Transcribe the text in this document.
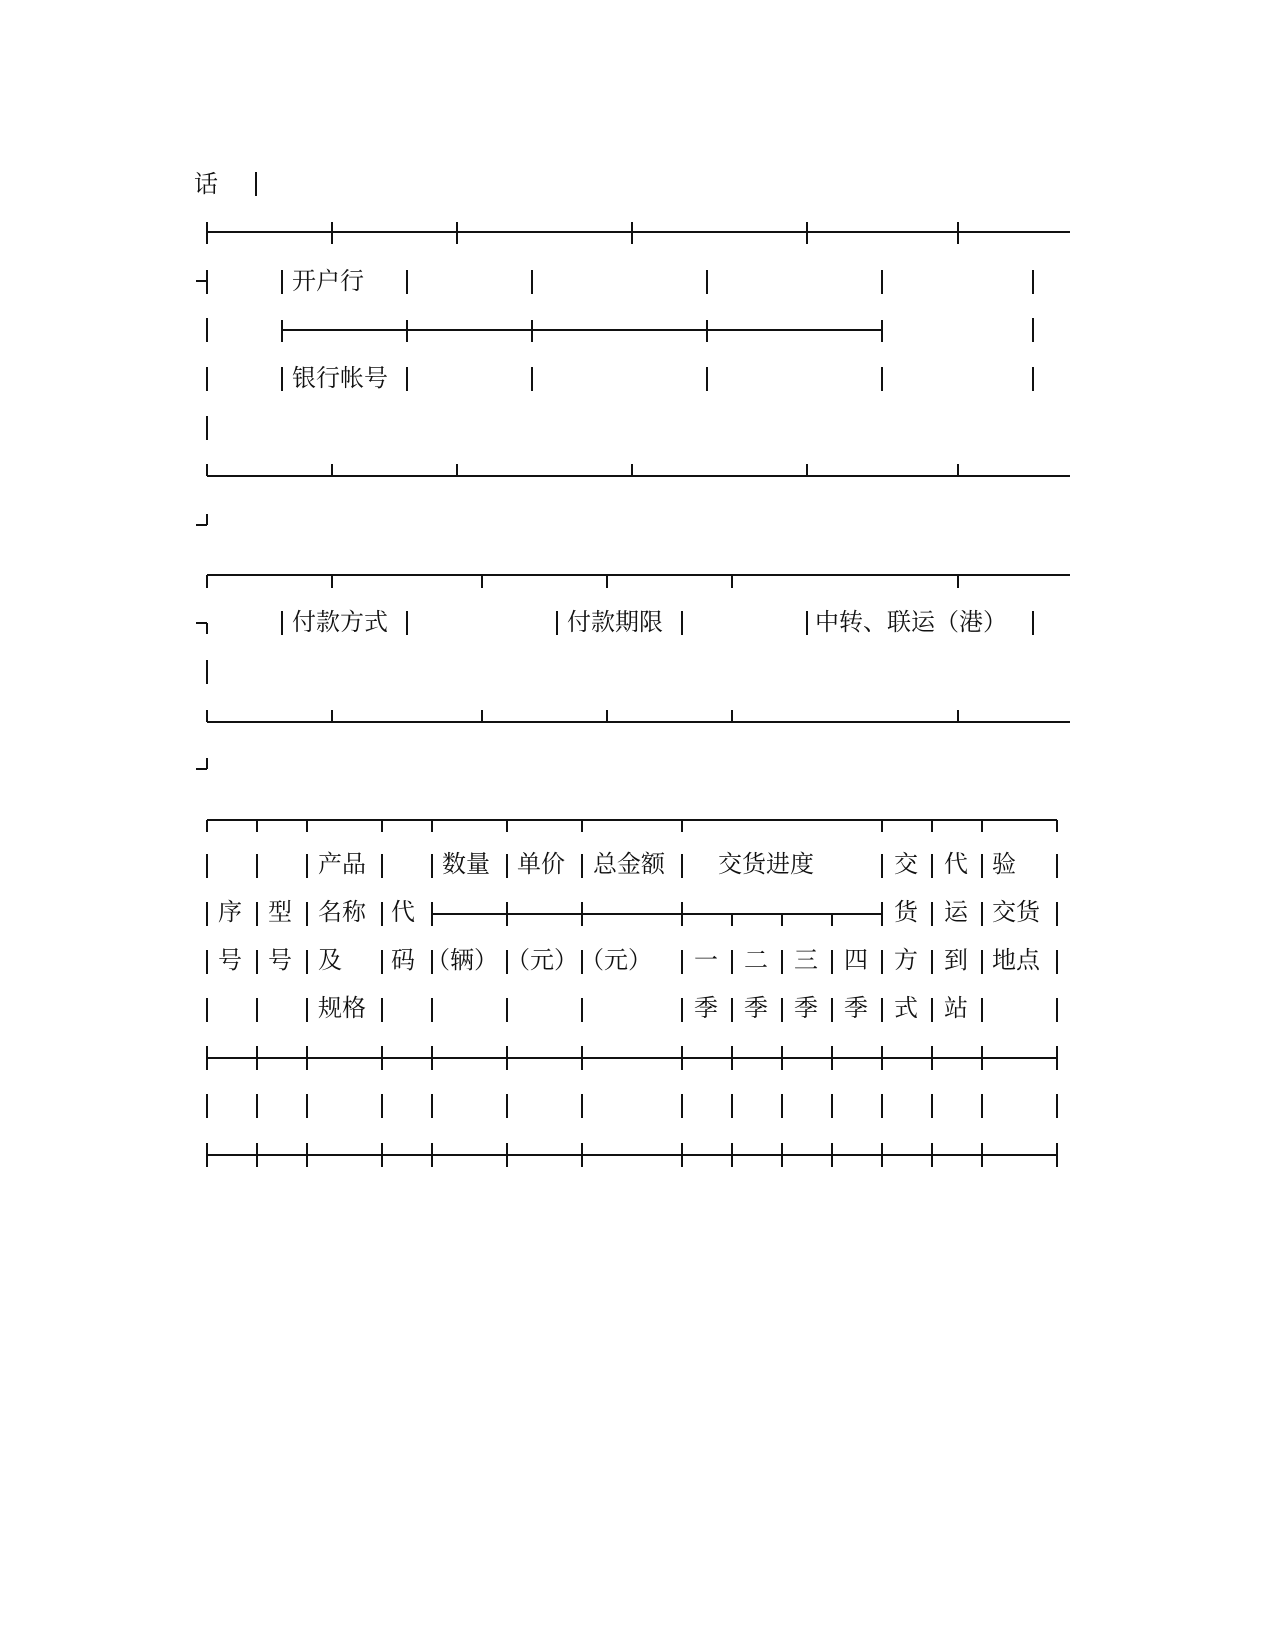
话
开户行
银行帐号
付款方式	付款期限	中转、联运（港）
序
号
型
号
产品
名称
及
规格
代
码
数量
（辆）
单价
（元）
总金额
（元）
交货进度
一
季
二
季
三
季
四
季
交
货
方
式
代
运
到
站
验
交货
地点
